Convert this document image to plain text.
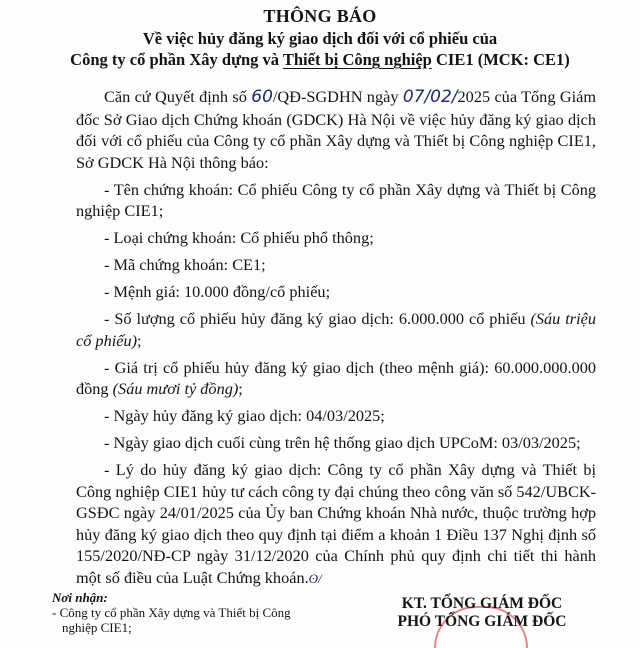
THÔNG BÁO
Về việc hủy đăng ký giao dịch đối với cổ phiếu của
Công ty cổ phần Xây dựng và Thiết bị Công nghiệp CIE1 (MCK: CE1)

Căn cứ Quyết định số 60/QĐ-SGDHN ngày 07/02/2025 của Tổng Giám đốc Sở Giao dịch Chứng khoán (GDCK) Hà Nội về việc hủy đăng ký giao dịch đối với cổ phiếu của Công ty cổ phần Xây dựng và Thiết bị Công nghiệp CIE1, Sở GDCK Hà Nội thông báo:

- Tên chứng khoán: Cổ phiếu Công ty cổ phần Xây dựng và Thiết bị Công nghiệp CIE1;

- Loại chứng khoán: Cổ phiếu phổ thông;

- Mã chứng khoán: CE1;

- Mệnh giá: 10.000 đồng/cổ phiếu;

- Số lượng cổ phiếu hủy đăng ký giao dịch: 6.000.000 cổ phiếu (Sáu triệu cổ phiếu);

- Giá trị cổ phiếu hủy đăng ký giao dịch (theo mệnh giá): 60.000.000.000 đồng (Sáu mươi tỷ đồng);

- Ngày hủy đăng ký giao dịch: 04/03/2025;

- Ngày giao dịch cuối cùng trên hệ thống giao dịch UPCoM: 03/03/2025;

- Lý do hủy đăng ký giao dịch: Công ty cổ phần Xây dựng và Thiết bị Công nghiệp CIE1 hủy tư cách công ty đại chúng theo công văn số 542/UBCK-GSĐC ngày 24/01/2025 của Ủy ban Chứng khoán Nhà nước, thuộc trường hợp hủy đăng ký giao dịch theo quy định tại điểm a khoản 1 Điều 137 Nghị định số 155/2020/NĐ-CP ngày 31/12/2020 của Chính phủ quy định chi tiết thi hành một số điều của Luật Chứng khoán.ʘ/

Nơi nhận:
- Công ty cổ phần Xây dựng và Thiết bị Công
nghiệp CIE1;
KT. TỔNG GIÁM ĐỐC
PHÓ TỔNG GIÁM ĐỐC
